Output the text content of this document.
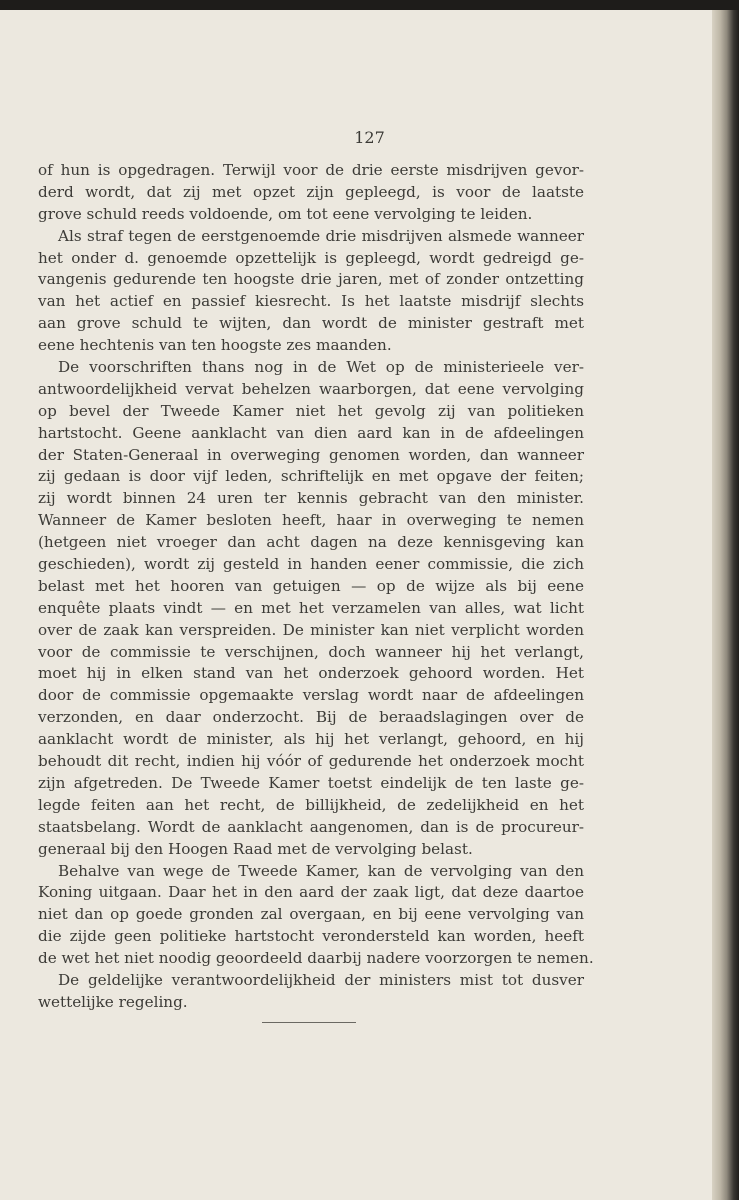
127
of hun is opgedragen. Terwijl voor de drie eerste misdrijven gevor-
derd wordt, dat zij met opzet zijn gepleegd, is voor de laatste
grove schuld reeds voldoende, om tot eene vervolging te leiden.
Als straf tegen de eerstgenoemde drie misdrijven alsmede wanneer
het onder d. genoemde opzettelijk is gepleegd, wordt gedreigd ge-
vangenis gedurende ten hoogste drie jaren, met of zonder ontzetting
van het actief en passief kiesrecht. Is het laatste misdrijf slechts
aan grove schuld te wijten, dan wordt de minister gestraft met
eene hechtenis van ten hoogste zes maanden.
De voorschriften thans nog in de Wet op de ministerieele ver-
antwoordelijkheid vervat behelzen waarborgen, dat eene vervolging
op bevel der Tweede Kamer niet het gevolg zij van politieken
hartstocht. Geene aanklacht van dien aard kan in de afdeelingen
der Staten-Generaal in overweging genomen worden, dan wanneer
zij gedaan is door vijf leden, schriftelijk en met opgave der feiten;
zij wordt binnen 24 uren ter kennis gebracht van den minister.
Wanneer de Kamer besloten heeft, haar in overweging te nemen
(hetgeen niet vroeger dan acht dagen na deze kennisgeving kan
geschieden), wordt zij gesteld in handen eener commissie, die zich
belast met het hooren van getuigen — op de wijze als bij eene
enquête plaats vindt — en met het verzamelen van alles, wat licht
over de zaak kan verspreiden. De minister kan niet verplicht worden
voor de commissie te verschijnen, doch wanneer hij het verlangt,
moet hij in elken stand van het onderzoek gehoord worden. Het
door de commissie opgemaakte verslag wordt naar de afdeelingen
verzonden, en daar onderzocht. Bij de beraadslagingen over de
aanklacht wordt de minister, als hij het verlangt, gehoord, en hij
behoudt dit recht, indien hij vóór of gedurende het onderzoek mocht
zijn afgetreden. De Tweede Kamer toetst eindelijk de ten laste ge-
legde feiten aan het recht, de billijkheid, de zedelijkheid en het
staatsbelang. Wordt de aanklacht aangenomen, dan is de procureur-
generaal bij den Hoogen Raad met de vervolging belast.
Behalve van wege de Tweede Kamer, kan de vervolging van den
Koning uitgaan. Daar het in den aard der zaak ligt, dat deze daartoe
niet dan op goede gronden zal overgaan, en bij eene vervolging van
die zijde geen politieke hartstocht verondersteld kan worden, heeft
de wet het niet noodig geoordeeld daarbij nadere voorzorgen te nemen.
De geldelijke verantwoordelijkheid der ministers mist tot dusver
wettelijke regeling.
